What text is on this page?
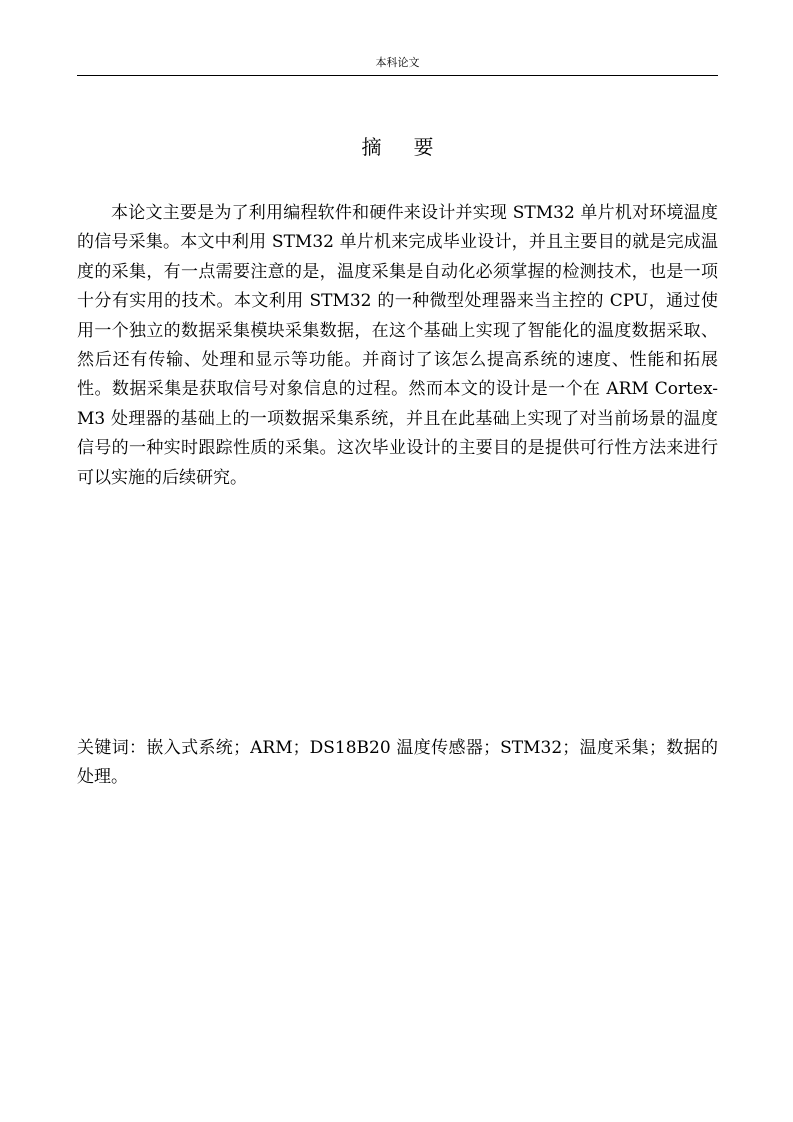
本科论文
摘要

本论文主要是为了利用编程软件和硬件来设计并实现 STM32 单片机对环境温度的信号采集。本文中利用 STM32 单片机来完成毕业设计，并且主要目的就是完成温度的采集，有一点需要注意的是，温度采集是自动化必须掌握的检测技术，也是一项十分有实用的技术。本文利用 STM32 的一种微型处理器来当主控的 CPU，通过使用一个独立的数据采集模块采集数据，在这个基础上实现了智能化的温度数据采取、然后还有传输、处理和显示等功能。并商讨了该怎么提高系统的速度、性能和拓展性。数据采集是获取信号对象信息的过程。然而本文的设计是一个在 ARM Cortex-M3 处理器的基础上的一项数据采集系统，并且在此基础上实现了对当前场景的温度信号的一种实时跟踪性质的采集。这次毕业设计的主要目的是提供可行性方法来进行可以实施的后续研究。

关键词：嵌入式系统；ARM；DS18B20 温度传感器；STM32；温度采集；数据的处理。
